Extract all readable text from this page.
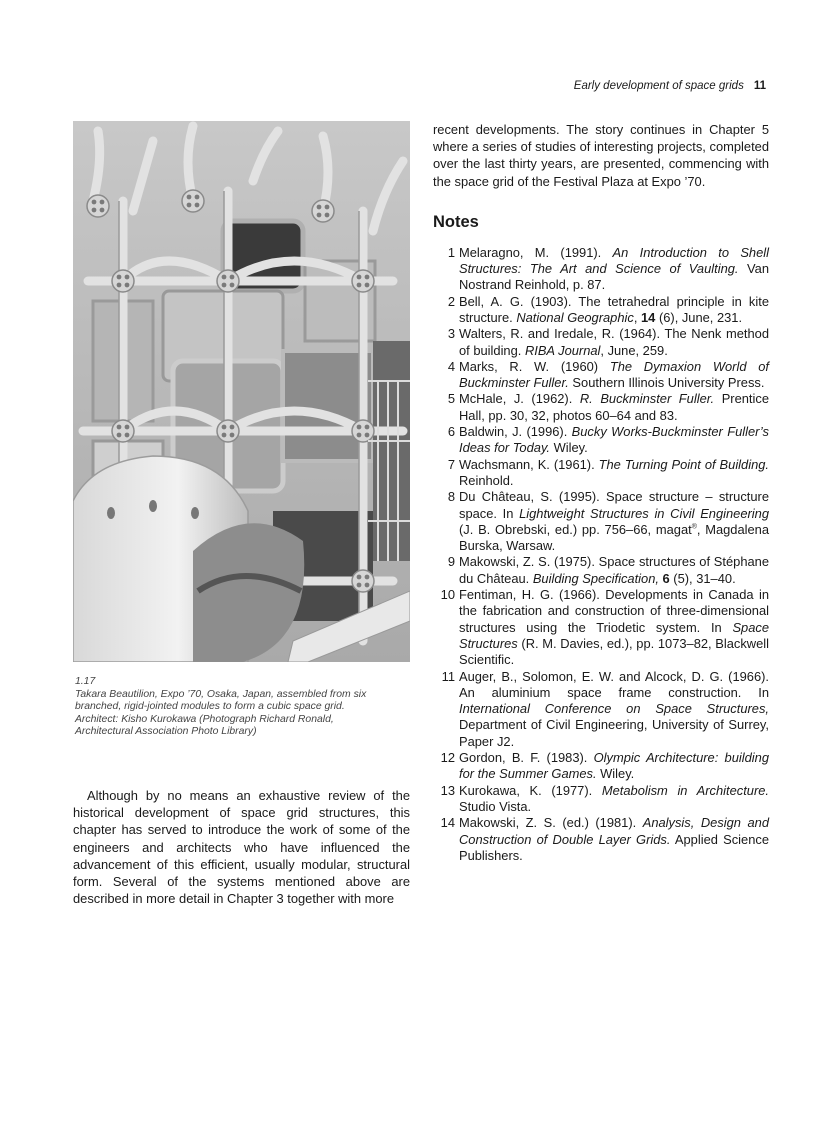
Early development of space grids 11
1.17
Takara Beautilion, Expo ’70, Osaka, Japan, assembled from six
branched, rigid-jointed modules to form a cubic space grid.
Architect: Kisho Kurokawa (Photograph Richard Ronald,
Architectural Association Photo Library)

Although by no means an exhaustive review of the historical development of space grid structures, this chapter has served to introduce the work of some of the engineers and architects who have influenced the advancement of this efficient, usually modular, structural form. Several of the systems mentioned above are described in more detail in Chapter 3 together with more

recent developments. The story continues in Chapter 5 where a series of studies of interesting projects, completed over the last thirty years, are presented, commencing with the space grid of the Festival Plaza at Expo ’70.

Notes
1 Melaragno, M. (1991). An Introduction to Shell Structures: The Art and Science of Vaulting. Van Nostrand Reinhold, p. 87.
2 Bell, A. G. (1903). The tetrahedral principle in kite structure. National Geographic, 14 (6), June, 231.
3 Walters, R. and Iredale, R. (1964). The Nenk method of building. RIBA Journal, June, 259.
4 Marks, R. W. (1960) The Dymaxion World of Buckminster Fuller. Southern Illinois University Press.
5 McHale, J. (1962). R. Buckminster Fuller. Prentice Hall, pp. 30, 32, photos 60–64 and 83.
6 Baldwin, J. (1996). Bucky Works-Buckminster Fuller’s Ideas for Today. Wiley.
7 Wachsmann, K. (1961). The Turning Point of Building. Reinhold.
8 Du Château, S. (1995). Space structure – structure space. In Lightweight Structures in Civil Engineering (J. B. Obrebski, ed.) pp. 756–66, magat®, Magdalena Burska, Warsaw.
9 Makowski, Z. S. (1975). Space structures of Stéphane du Château. Building Specification, 6 (5), 31–40.
10 Fentiman, H. G. (1966). Developments in Canada in the fabrication and construction of three-dimensional structures using the Triodetic system. In Space Structures (R. M. Davies, ed.), pp. 1073–82, Blackwell Scientific.
11 Auger, B., Solomon, E. W. and Alcock, D. G. (1966). An aluminium space frame construction. In International Conference on Space Structures, Department of Civil Engineering, University of Surrey, Paper J2.
12 Gordon, B. F. (1983). Olympic Architecture: building for the Summer Games. Wiley.
13 Kurokawa, K. (1977). Metabolism in Architecture. Studio Vista.
14 Makowski, Z. S. (ed.) (1981). Analysis, Design and Construction of Double Layer Grids. Applied Science Publishers.
